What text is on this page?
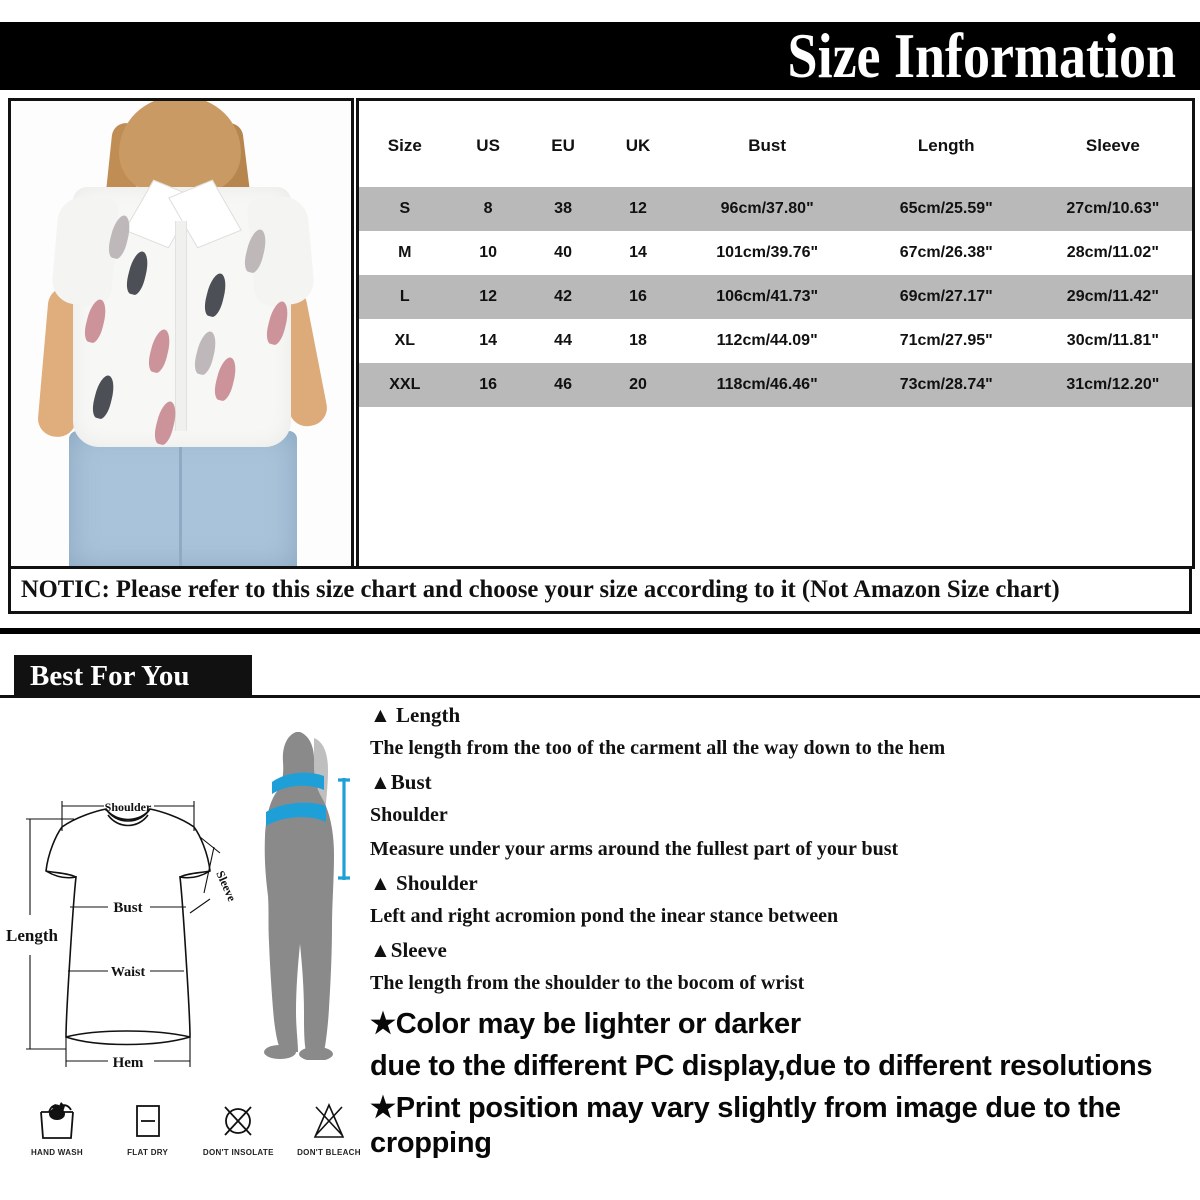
Size Information
Size	US	EU	UK	Bust	Length	Sleeve
S	8	38	12	96cm/37.80"	65cm/25.59"	27cm/10.63"
M	10	40	14	101cm/39.76"	67cm/26.38"	28cm/11.02"
L	12	42	16	106cm/41.73"	69cm/27.17"	29cm/11.42"
XL	14	44	18	112cm/44.09"	71cm/27.95"	30cm/11.81"
XXL	16	46	20	118cm/46.46"	73cm/28.74"	31cm/12.20"
NOTIC: Please refer to this size chart and choose your size according to it (Not Amazon Size chart)
Best For You
Shoulder
Bust
Waist
Hem
Length
Sleeve

▲ Length

The length from the too of the carment all the way down to the hem

▲Bust

Shoulder

Measure under your arms around the fullest part of your bust

▲ Shoulder

Left and right acromion pond the inear stance between

▲Sleeve

The length from the shoulder to the bocom of wrist

★Color may be lighter or darker

due to the different PC display,due to different resolutions

★Print position may vary slightly from image due to the cropping

HAND WASH	FLAT DRY	DON'T INSOLATE	DON'T BLEACH
